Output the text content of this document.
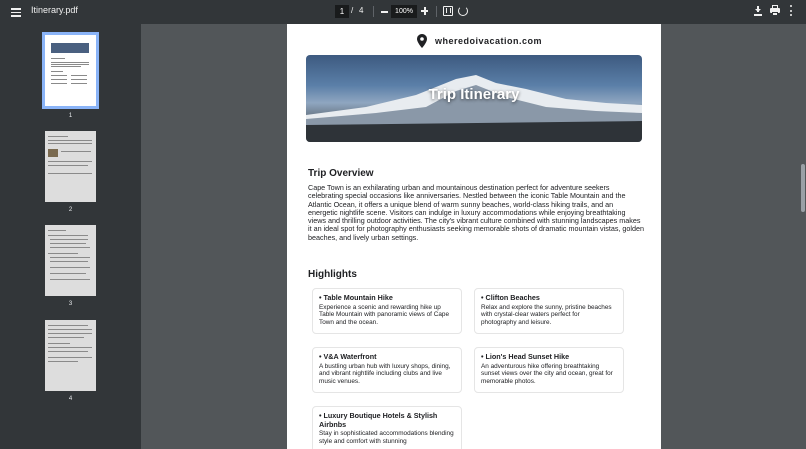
Itinerary.pdf
1	/ 4
100%
1
2
3
4
wheredoivacation.com
Trip Itinerary
Trip Overview
Cape Town is an exhilarating urban and mountainous destination perfect for adventure seekers celebrating special occasions like anniversaries. Nestled between the iconic Table Mountain and the Atlantic Ocean, it offers a unique blend of warm sunny beaches, world-class hiking trails, and an energetic nightlife scene. Visitors can indulge in luxury accommodations while enjoying breathtaking views and thrilling outdoor activities. The city's vibrant culture combined with stunning landscapes makes it an ideal spot for photography enthusiasts seeking memorable shots of dramatic mountain vistas, golden beaches, and lively urban settings.
Highlights
• Table Mountain Hike
Experience a scenic and rewarding hike up Table Mountain with panoramic views of Cape Town and the ocean.
• Clifton Beaches
Relax and explore the sunny, pristine beaches with crystal-clear waters perfect for photography and leisure.
• V&A Waterfront
A bustling urban hub with luxury shops, dining, and vibrant nightlife including clubs and live music venues.
• Lion's Head Sunset Hike
An adventurous hike offering breathtaking sunset views over the city and ocean, great for memorable photos.
• Luxury Boutique Hotels & Stylish Airbnbs
Stay in sophisticated accommodations blending style and comfort with stunning
